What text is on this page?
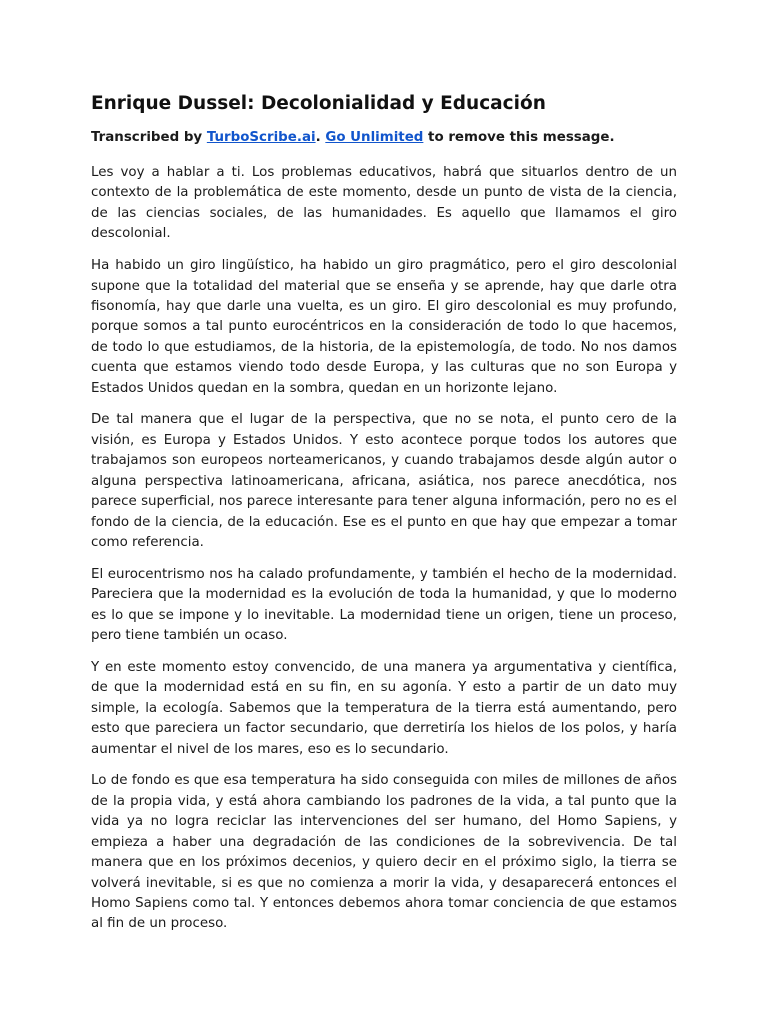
Enrique Dussel: Decolonialidad y Educación

Transcribed by TurboScribe.ai. Go Unlimited to remove this message.

Les voy a hablar a ti. Los problemas educativos, habrá que situarlos dentro de un contexto de la problemática de este momento, desde un punto de vista de la ciencia, de las ciencias sociales, de las humanidades. Es aquello que llamamos el giro descolonial.

Ha habido un giro lingüístico, ha habido un giro pragmático, pero el giro descolonial supone que la totalidad del material que se enseña y se aprende, hay que darle otra fisonomía, hay que darle una vuelta, es un giro. El giro descolonial es muy profundo, porque somos a tal punto eurocéntricos en la consideración de todo lo que hacemos, de todo lo que estudiamos, de la historia, de la epistemología, de todo. No nos damos cuenta que estamos viendo todo desde Europa, y las culturas que no son Europa y Estados Unidos quedan en la sombra, quedan en un horizonte lejano.

De tal manera que el lugar de la perspectiva, que no se nota, el punto cero de la visión, es Europa y Estados Unidos. Y esto acontece porque todos los autores que trabajamos son europeos norteamericanos, y cuando trabajamos desde algún autor o alguna perspectiva latinoamericana, africana, asiática, nos parece anecdótica, nos parece superficial, nos parece interesante para tener alguna información, pero no es el fondo de la ciencia, de la educación. Ese es el punto en que hay que empezar a tomar como referencia.

El eurocentrismo nos ha calado profundamente, y también el hecho de la modernidad. Pareciera que la modernidad es la evolución de toda la humanidad, y que lo moderno es lo que se impone y lo inevitable. La modernidad tiene un origen, tiene un proceso, pero tiene también un ocaso.

Y en este momento estoy convencido, de una manera ya argumentativa y científica, de que la modernidad está en su fin, en su agonía. Y esto a partir de un dato muy simple, la ecología. Sabemos que la temperatura de la tierra está aumentando, pero esto que pareciera un factor secundario, que derretiría los hielos de los polos, y haría aumentar el nivel de los mares, eso es lo secundario.

Lo de fondo es que esa temperatura ha sido conseguida con miles de millones de años de la propia vida, y está ahora cambiando los padrones de la vida, a tal punto que la vida ya no logra reciclar las intervenciones del ser humano, del Homo Sapiens, y empieza a haber una degradación de las condiciones de la sobrevivencia. De tal manera que en los próximos decenios, y quiero decir en el próximo siglo, la tierra se volverá inevitable, si es que no comienza a morir la vida, y desaparecerá entonces el Homo Sapiens como tal. Y entonces debemos ahora tomar conciencia de que estamos al fin de un proceso.
